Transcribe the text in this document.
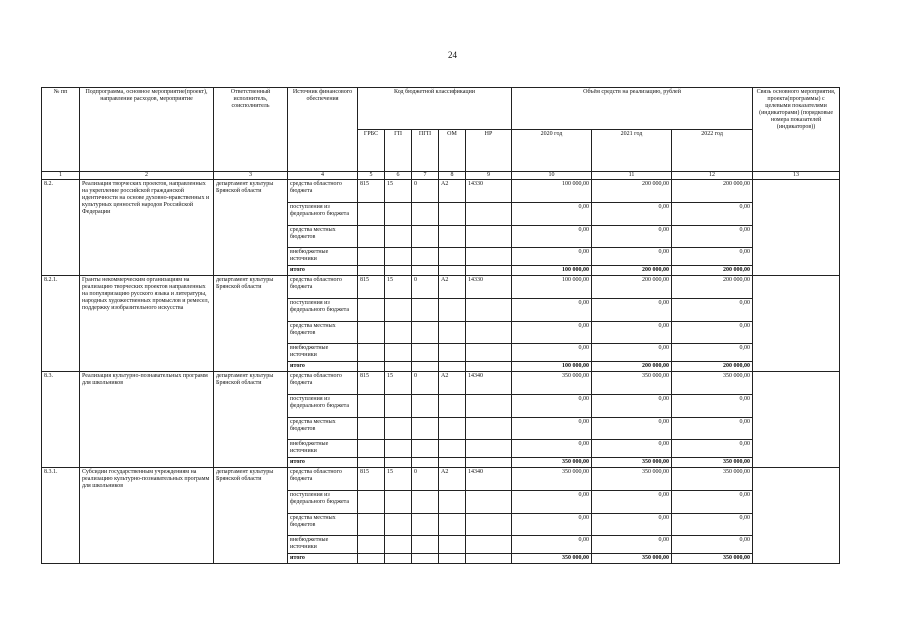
24
№ пп	Подпрограмма, основное мероприятие(проект), направление расходов, мероприятие	Ответственный исполнитель, соисполнитель	Источник финансового обеспечения	Код бюджетной классификации					Объём средств на реализацию, рублей			Связь основного мероприятия, проекта(программы) с целевыми показателями (индикаторами) (порядковые номера показателей (индикаторов))
				ГРБС	ГП	ПГП	ОМ	НР	2020 год	2021 год	2022 год	
1	2	3	4	5	6	7	8	9	10	11	12	13
8.2.	Реализация творческих проектов, направленных на укрепление российской гражданской идентичности на основе духовно-нравственных и культурных ценностей народов Российской Федерации	департамент культуры Брянской области	средства областного бюджета	815	15	0	А2	14330	100 000,00	200 000,00	200 000,00	
			поступления из федерального бюджета						0,00	0,00	0,00	
			средства местных бюджетов						0,00	0,00	0,00	
			внебюджетные источники						0,00	0,00	0,00	
			итого						100 000,00	200 000,00	200 000,00	
8.2.1.	Гранты некоммерческим организациям на реализацию творческих проектов направленных на популяризацию русского языка и литературы, народных художественных промыслов и ремесел, поддержку изобразительного искусства	департамент культуры Брянской области	средства областного бюджета	815	15	0	А2	14330	100 000,00	200 000,00	200 000,00	
			поступления из федерального бюджета						0,00	0,00	0,00	
			средства местных бюджетов						0,00	0,00	0,00	
			внебюджетные источники						0,00	0,00	0,00	
			итого						100 000,00	200 000,00	200 000,00	
8.3.	Реализация культурно-познавательных программ для школьников	департамент культуры Брянской области	средства областного бюджета	815	15	0	А2	14340	350 000,00	350 000,00	350 000,00	
			поступления из федерального бюджета						0,00	0,00	0,00	
			средства местных бюджетов						0,00	0,00	0,00	
			внебюджетные источники						0,00	0,00	0,00	
			итого						350 000,00	350 000,00	350 000,00	
8.3.1.	Субсидии государственным учреждениям на реализацию культурно-познавательных программ для школьников	департамент культуры Брянской области	средства областного бюджета	815	15	0	А2	14340	350 000,00	350 000,00	350 000,00	
			поступления из федерального бюджета						0,00	0,00	0,00	
			средства местных бюджетов						0,00	0,00	0,00	
			внебюджетные источники						0,00	0,00	0,00	
			итого						350 000,00	350 000,00	350 000,00	
